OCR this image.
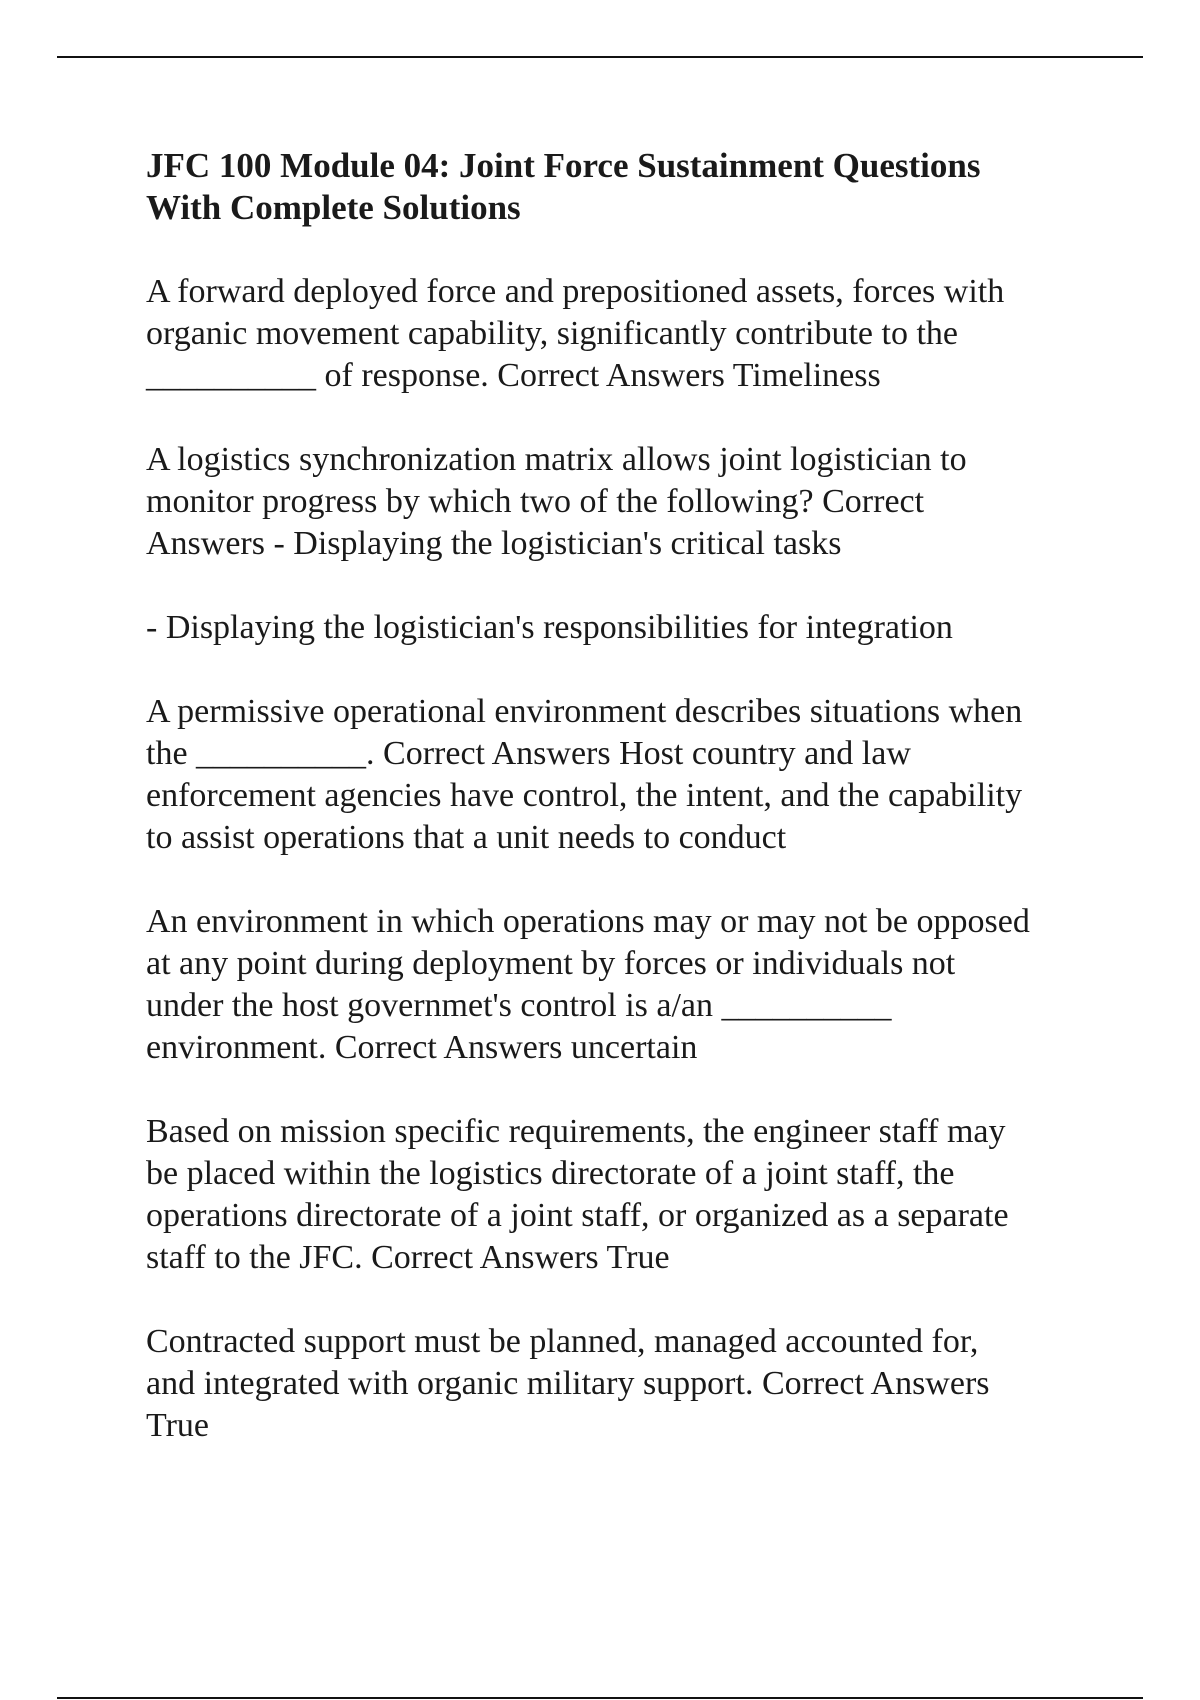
JFC 100 Module 04: Joint Force Sustainment Questions
With Complete Solutions
A forward deployed force and prepositioned assets, forces with
organic movement capability, significantly contribute to the
__________ of response. Correct Answers Timeliness
A logistics synchronization matrix allows joint logistician to
monitor progress by which two of the following? Correct
Answers - Displaying the logistician's critical tasks
- Displaying the logistician's responsibilities for integration
A permissive operational environment describes situations when
the __________. Correct Answers Host country and law
enforcement agencies have control, the intent, and the capability
to assist operations that a unit needs to conduct
An environment in which operations may or may not be opposed
at any point during deployment by forces or individuals not
under the host governmet's control is a/an __________
environment. Correct Answers uncertain
Based on mission specific requirements, the engineer staff may
be placed within the logistics directorate of a joint staff, the
operations directorate of a joint staff, or organized as a separate
staff to the JFC. Correct Answers True
Contracted support must be planned, managed accounted for,
and integrated with organic military support. Correct Answers
True
